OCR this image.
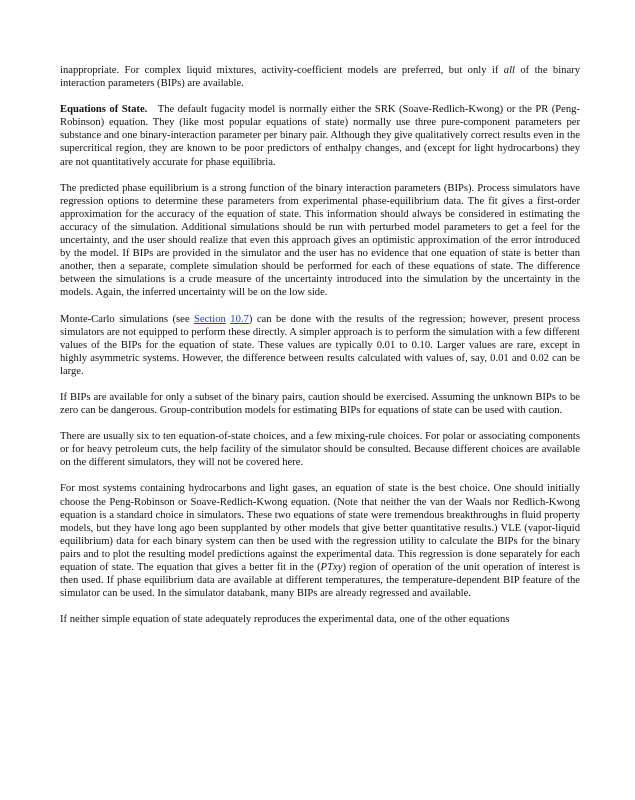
inappropriate. For complex liquid mixtures, activity-coefficient models are preferred, but only if all of the binary interaction parameters (BIPs) are available.

Equations of State. The default fugacity model is normally either the SRK (Soave-Redlich-Kwong) or the PR (Peng-Robinson) equation. They (like most popular equations of state) normally use three pure-component parameters per substance and one binary-interaction parameter per binary pair. Although they give qualitatively correct results even in the supercritical region, they are known to be poor predictors of enthalpy changes, and (except for light hydrocarbons) they are not quantitatively accurate for phase equilibria.

The predicted phase equilibrium is a strong function of the binary interaction parameters (BIPs). Process simulators have regression options to determine these parameters from experimental phase-equilibrium data. The fit gives a first-order approximation for the accuracy of the equation of state. This information should always be considered in estimating the accuracy of the simulation. Additional simulations should be run with perturbed model parameters to get a feel for the uncertainty, and the user should realize that even this approach gives an optimistic approximation of the error introduced by the model. If BIPs are provided in the simulator and the user has no evidence that one equation of state is better than another, then a separate, complete simulation should be performed for each of these equations of state. The difference between the simulations is a crude measure of the uncertainty introduced into the simulation by the uncertainty in the models. Again, the inferred uncertainty will be on the low side.

Monte-Carlo simulations (see Section 10.7) can be done with the results of the regression; however, present process simulators are not equipped to perform these directly. A simpler approach is to perform the simulation with a few different values of the BIPs for the equation of state. These values are typically 0.01 to 0.10. Larger values are rare, except in highly asymmetric systems. However, the difference between results calculated with values of, say, 0.01 and 0.02 can be large.

If BIPs are available for only a subset of the binary pairs, caution should be exercised. Assuming the unknown BIPs to be zero can be dangerous. Group-contribution models for estimating BIPs for equations of state can be used with caution.

There are usually six to ten equation-of-state choices, and a few mixing-rule choices. For polar or associating components or for heavy petroleum cuts, the help facility of the simulator should be consulted. Because different choices are available on the different simulators, they will not be covered here.

For most systems containing hydrocarbons and light gases, an equation of state is the best choice. One should initially choose the Peng-Robinson or Soave-Redlich-Kwong equation. (Note that neither the van der Waals nor Redlich-Kwong equation is a standard choice in simulators. These two equations of state were tremendous breakthroughs in fluid property models, but they have long ago been supplanted by other models that give better quantitative results.) VLE (vapor-liquid equilibrium) data for each binary system can then be used with the regression utility to calculate the BIPs for the binary pairs and to plot the resulting model predictions against the experimental data. This regression is done separately for each equation of state. The equation that gives a better fit in the (PTxy) region of operation of the unit operation of interest is then used. If phase equilibrium data are available at different temperatures, the temperature-dependent BIP feature of the simulator can be used. In the simulator databank, many BIPs are already regressed and available.

If neither simple equation of state adequately reproduces the experimental data, one of the other equations
